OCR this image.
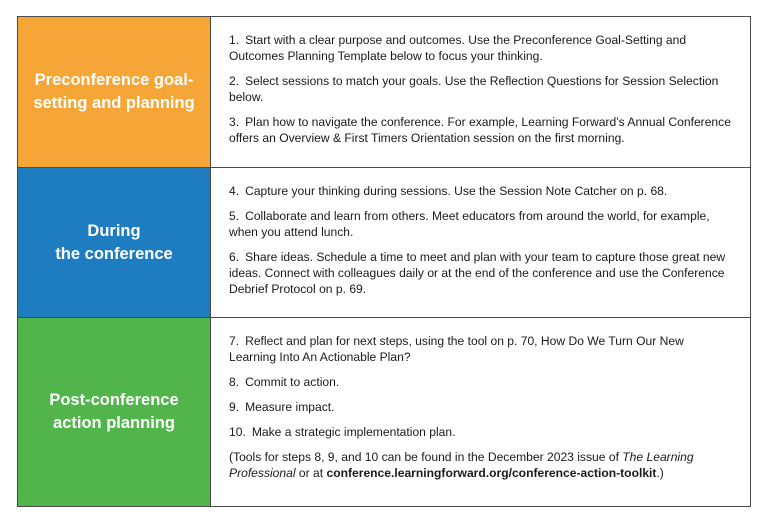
Preconference goal-
setting and planning
1. Start with a clear purpose and outcomes. Use the Preconference Goal-Setting and Outcomes Planning Template below to focus your thinking.
2. Select sessions to match your goals. Use the Reflection Questions for Session Selection below.
3. Plan how to navigate the conference. For example, Learning Forward’s Annual Conference offers an Overview & First Timers Orientation session on the first morning.
During
the conference
4. Capture your thinking during sessions. Use the Session Note Catcher on p. 68.
5. Collaborate and learn from others. Meet educators from around the world, for example, when you attend lunch.
6. Share ideas. Schedule a time to meet and plan with your team to capture those great new ideas. Connect with colleagues daily or at the end of the conference and use the Conference Debrief Protocol on p. 69.
Post-conference
action planning
7. Reflect and plan for next steps, using the tool on p. 70, How Do We Turn Our New Learning Into An Actionable Plan?
8. Commit to action.
9. Measure impact.
10. Make a strategic implementation plan.
(Tools for steps 8, 9, and 10 can be found in the December 2023 issue of The Learning Professional or at conference.learningforward.org/conference-action-toolkit.)
